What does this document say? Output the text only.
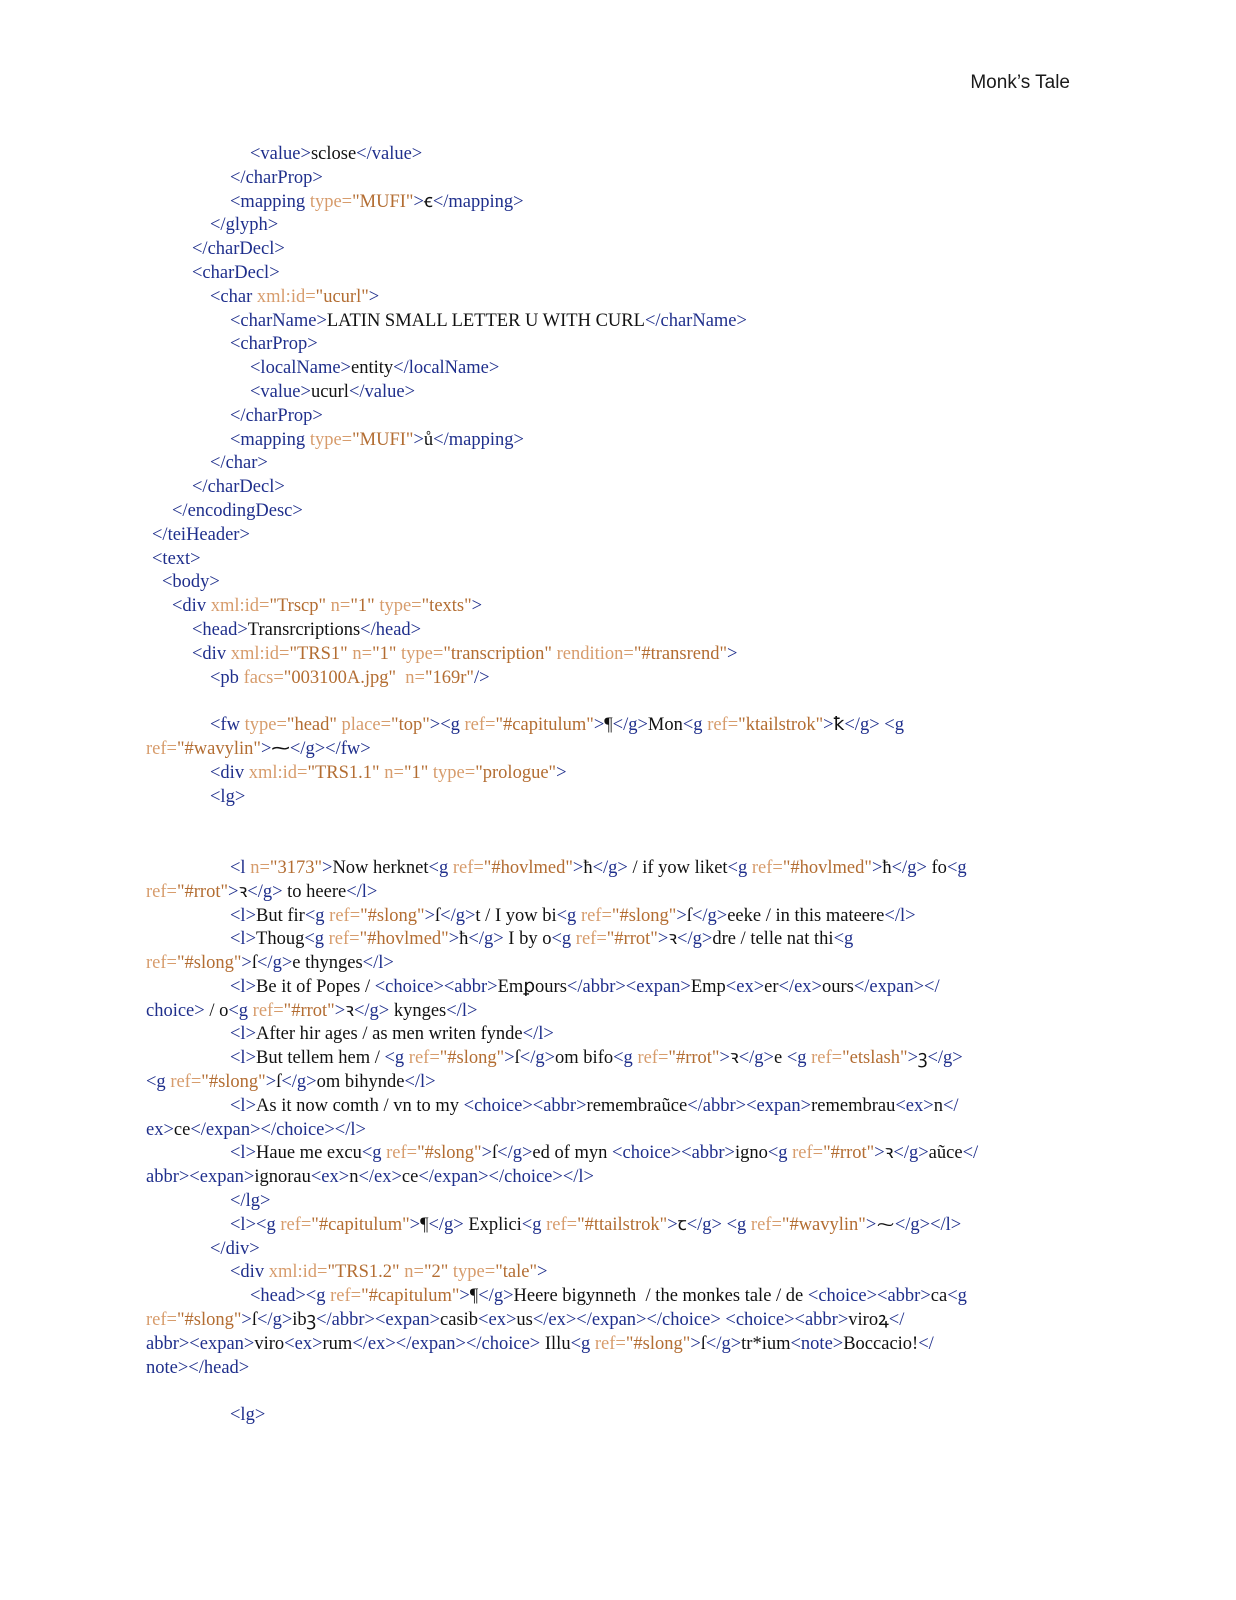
Monk’s Tale
<value>sclose</value>
</charProp>
<mapping type="MUFI">ꞓ</mapping>
</glyph>
</charDecl>
<charDecl>
<char xml:id="ucurl">
<charName>LATIN SMALL LETTER U WITH CURL</charName>
<charProp>
<localName>entity</localName>
<value>ucurl</value>
</charProp>
<mapping type="MUFI">ů</mapping>
</char>
</charDecl>
</encodingDesc>
</teiHeader>
<text>
<body>
<div xml:id="Trscp" n="1" type="texts">
<head>Transrcriptions</head>
<div xml:id="TRS1" n="1" type="transcription" rendition="#transrend">
<pb facs="003100A.jpg"  n="169r"/>
<fw type="head" place="top"><g ref="#capitulum">¶</g>Mon<g ref="ktailstrok">ꝁ</g> <g
ref="#wavylin">⁓</g></fw>
<div xml:id="TRS1.1" n="1" type="prologue">
<lg>
<l n="3173">Now herknet<g ref="#hovlmed">ħ</g> / if yow liket<g ref="#hovlmed">ħ</g> fo<g
ref="#rrot">ꝛ</g> to heere</l>
<l>But fir<g ref="#slong">ſ</g>t / I yow bi<g ref="#slong">ſ</g>eeke / in this mateere</l>
<l>Thoug<g ref="#hovlmed">ħ</g> I by o<g ref="#rrot">ꝛ</g>dre / telle nat thi<g
ref="#slong">ſ</g>e thynges</l>
<l>Be it of Popes / <choice><abbr>Emꝑours</abbr><expan>Emp<ex>er</ex>ours</expan></
choice> / o<g ref="#rrot">ꝛ</g> kynges</l>
<l>After hir ages / as men writen fynde</l>
<l>But tellem hem / <g ref="#slong">ſ</g>om bifo<g ref="#rrot">ꝛ</g>e <g ref="etslash">ꝫ</g>
<g ref="#slong">ſ</g>om bihynde</l>
<l>As it now comth / vn to my <choice><abbr>remembraũce</abbr><expan>remembrau<ex>n</
ex>ce</expan></choice></l>
<l>Haue me excu<g ref="#slong">ſ</g>ed of myn <choice><abbr>igno<g ref="#rrot">ꝛ</g>aũce</
abbr><expan>ignorau<ex>n</ex>ce</expan></choice></l>
</lg>
<l><g ref="#capitulum">¶</g> Explici<g ref="#ttailstrok">ꞇ</g> <g ref="#wavylin">⁓</g></l>
</div>
<div xml:id="TRS1.2" n="2" type="tale">
<head><g ref="#capitulum">¶</g>Heere bigynneth  / the monkes tale / de <choice><abbr>ca<g
ref="#slong">ſ</g>ibꝫ</abbr><expan>casib<ex>us</ex></expan></choice> <choice><abbr>viroꝝ</
abbr><expan>viro<ex>rum</ex></expan></choice> Illu<g ref="#slong">ſ</g>tr*ium<note>Boccacio!</
note></head>
<lg>
